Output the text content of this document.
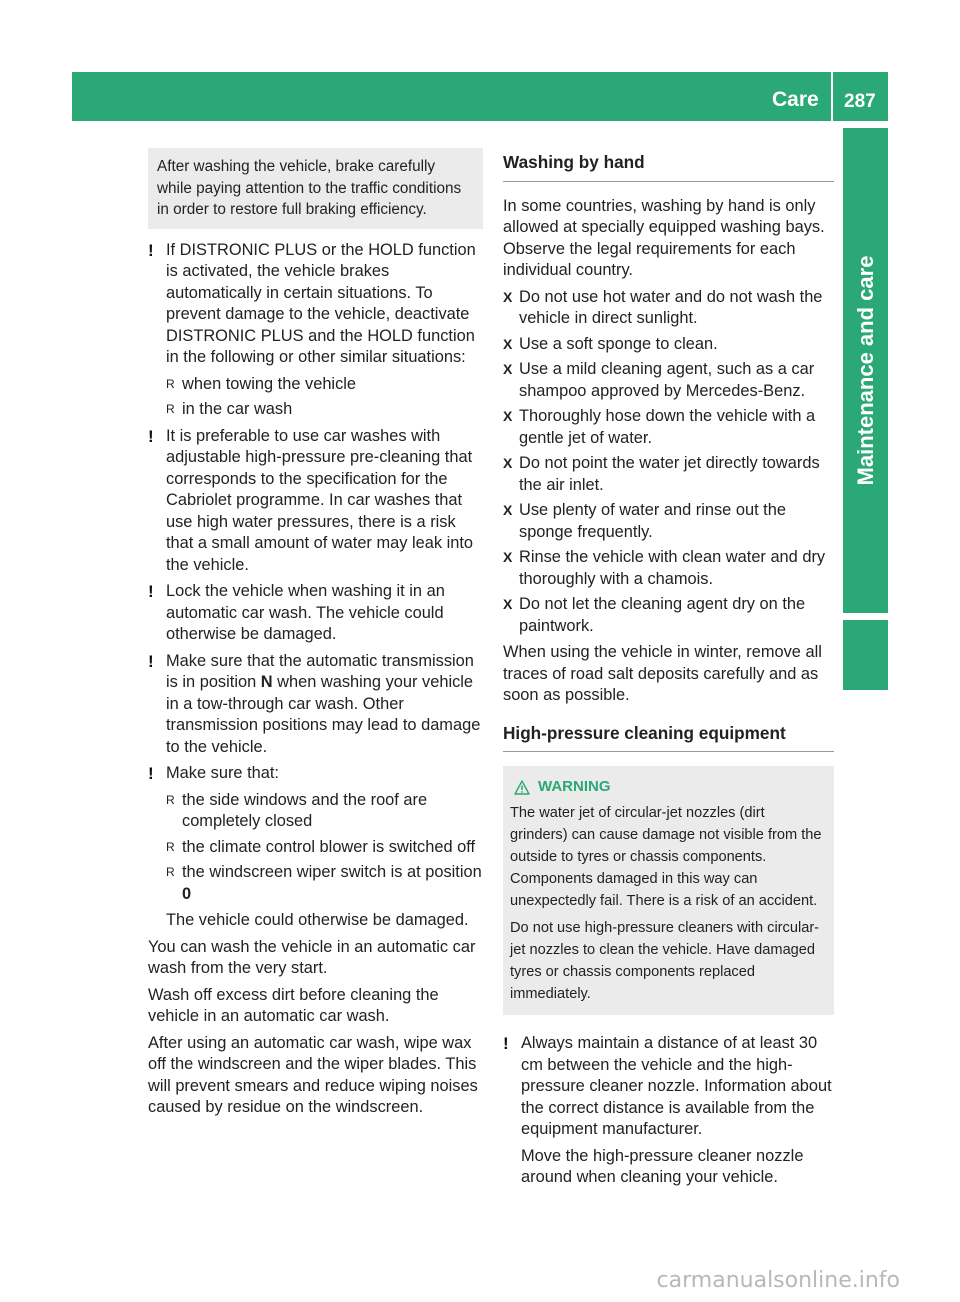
Care 287
Maintenance and care

After washing the vehicle, brake carefully while paying attention to the traffic conditions in order to restore full braking efficiency.

! If DISTRONIC PLUS or the HOLD function is activated, the vehicle brakes automatically in certain situations. To prevent damage to the vehicle, deactivate DISTRONIC PLUS and the HOLD function in the following or other similar situations:

R when towing the vehicle
R in the car wash
! It is preferable to use car washes with adjustable high-pressure pre-cleaning that corresponds to the specification for the Cabriolet programme. In car washes that use high water pressures, there is a risk that a small amount of water may leak into the vehicle.

! Lock the vehicle when washing it in an automatic car wash. The vehicle could otherwise be damaged.

! Make sure that the automatic transmission is in position N when washing your vehicle in a tow-through car wash. Other transmission positions may lead to damage to the vehicle.

! Make sure that:

R the side windows and the roof are completely closed
R the climate control blower is switched off
R the windscreen wiper switch is at position 0

The vehicle could otherwise be damaged.

You can wash the vehicle in an automatic car wash from the very start.

Wash off excess dirt before cleaning the vehicle in an automatic car wash.

After using an automatic car wash, wipe wax off the windscreen and the wiper blades. This will prevent smears and reduce wiping noises caused by residue on the windscreen.

Washing by hand

In some countries, washing by hand is only allowed at specially equipped washing bays. Observe the legal requirements for each individual country.

X Do not use hot water and do not wash the vehicle in direct sunlight.
X Use a soft sponge to clean.
X Use a mild cleaning agent, such as a car shampoo approved by Mercedes-Benz.
X Thoroughly hose down the vehicle with a gentle jet of water.
X Do not point the water jet directly towards the air inlet.
X Use plenty of water and rinse out the sponge frequently.
X Rinse the vehicle with clean water and dry thoroughly with a chamois.
X Do not let the cleaning agent dry on the paintwork.

When using the vehicle in winter, remove all traces of road salt deposits carefully and as soon as possible.

High-pressure cleaning equipment
WARNING

The water jet of circular-jet nozzles (dirt grinders) can cause damage not visible from the outside to tyres or chassis components. Components damaged in this way can unexpectedly fail. There is a risk of an accident.

Do not use high-pressure cleaners with circular-jet nozzles to clean the vehicle. Have damaged tyres or chassis components replaced immediately.

! Always maintain a distance of at least 30 cm between the vehicle and the high-pressure cleaner nozzle. Information about the correct distance is available from the equipment manufacturer.

Move the high-pressure cleaner nozzle around when cleaning your vehicle.

carmanualsonline.info
